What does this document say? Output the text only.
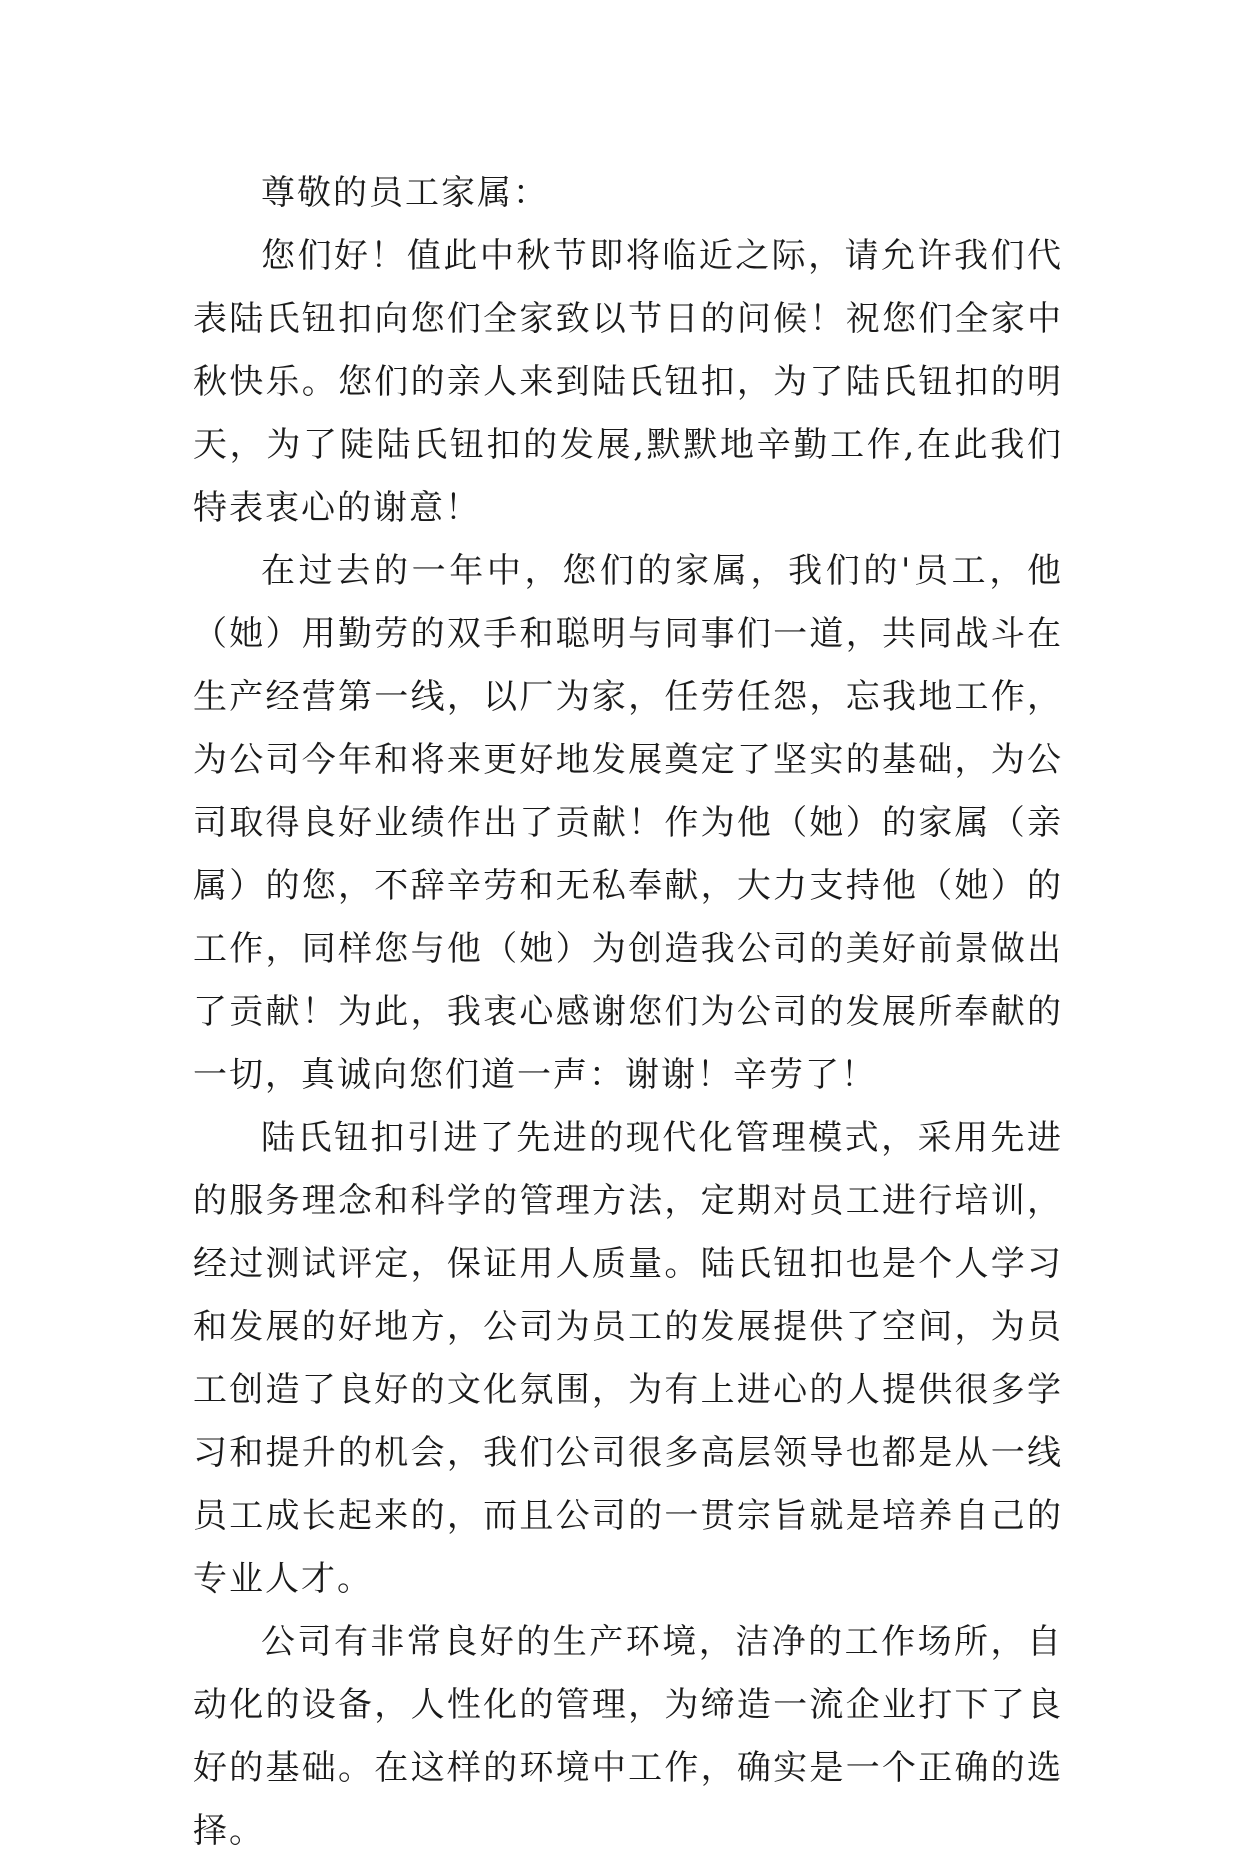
尊敬的员工家属：

您们好！值此中秋节即将临近之际，请允许我们代表陆氏钮扣向您们全家致以节日的问候！祝您们全家中秋快乐。您们的亲人来到陆氏钮扣，为了陆氏钮扣的明天，为了陡陆氏钮扣的发展,默默地辛勤工作,在此我们特表衷心的谢意！

在过去的一年中，您们的家属，我们的'员工，他（她）用勤劳的双手和聪明与同事们一道，共同战斗在生产经营第一线，以厂为家，任劳任怨，忘我地工作，为公司今年和将来更好地发展奠定了坚实的基础，为公司取得良好业绩作出了贡献！作为他（她）的家属（亲属）的您，不辞辛劳和无私奉献，大力支持他（她）的工作，同样您与他（她）为创造我公司的美好前景做出了贡献！为此，我衷心感谢您们为公司的发展所奉献的一切，真诚向您们道一声：谢谢！辛劳了！

陆氏钮扣引进了先进的现代化管理模式，采用先进的服务理念和科学的管理方法，定期对员工进行培训，经过测试评定，保证用人质量。陆氏钮扣也是个人学习和发展的好地方，公司为员工的发展提供了空间，为员工创造了良好的文化氛围，为有上进心的人提供很多学习和提升的机会，我们公司很多高层领导也都是从一线员工成长起来的，而且公司的一贯宗旨就是培养自己的专业人才。

公司有非常良好的生产环境，洁净的工作场所，自动化的设备，人性化的管理，为缔造一流企业打下了良好的基础。在这样的环境中工作，确实是一个正确的选择。
